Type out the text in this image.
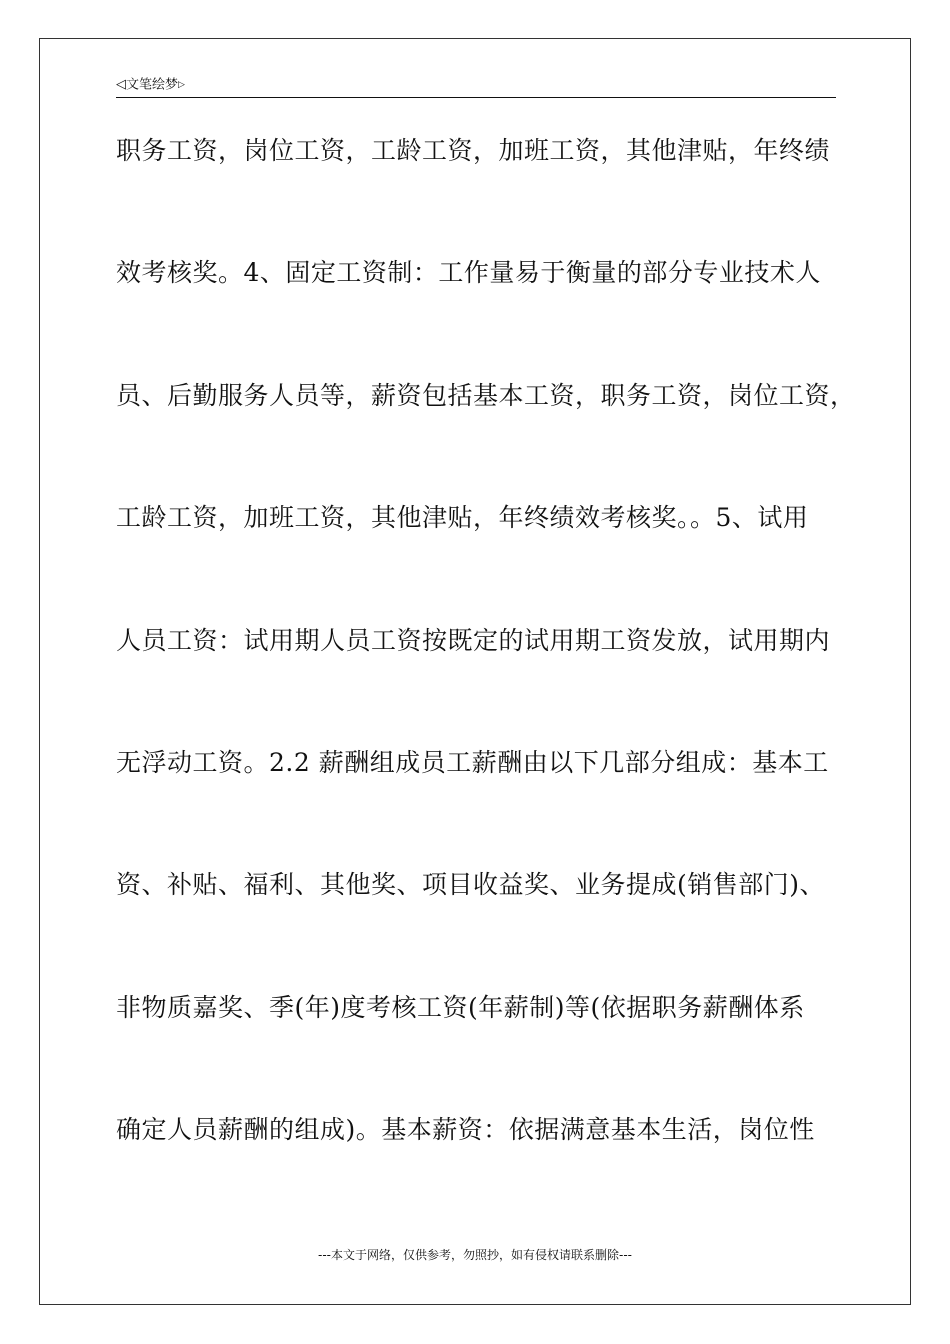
◁文笔绘梦▷
职务工资，岗位工资，工龄工资，加班工资，其他津贴，年终绩
效考核奖。4、固定工资制：工作量易于衡量的部分专业技术人
员、后勤服务人员等，薪资包括基本工资，职务工资，岗位工资，
工龄工资，加班工资，其他津贴，年终绩效考核奖。。5、试用
人员工资：试用期人员工资按既定的试用期工资发放，试用期内
无浮动工资。2.2 薪酬组成员工薪酬由以下几部分组成：基本工
资、补贴、福利、其他奖、项目收益奖、业务提成(销售部门)、
非物质嘉奖、季(年)度考核工资(年薪制)等(依据职务薪酬体系
确定人员薪酬的组成)。基本薪资：依据满意基本生活，岗位性
---本文于网络，仅供参考，勿照抄，如有侵权请联系删除---
